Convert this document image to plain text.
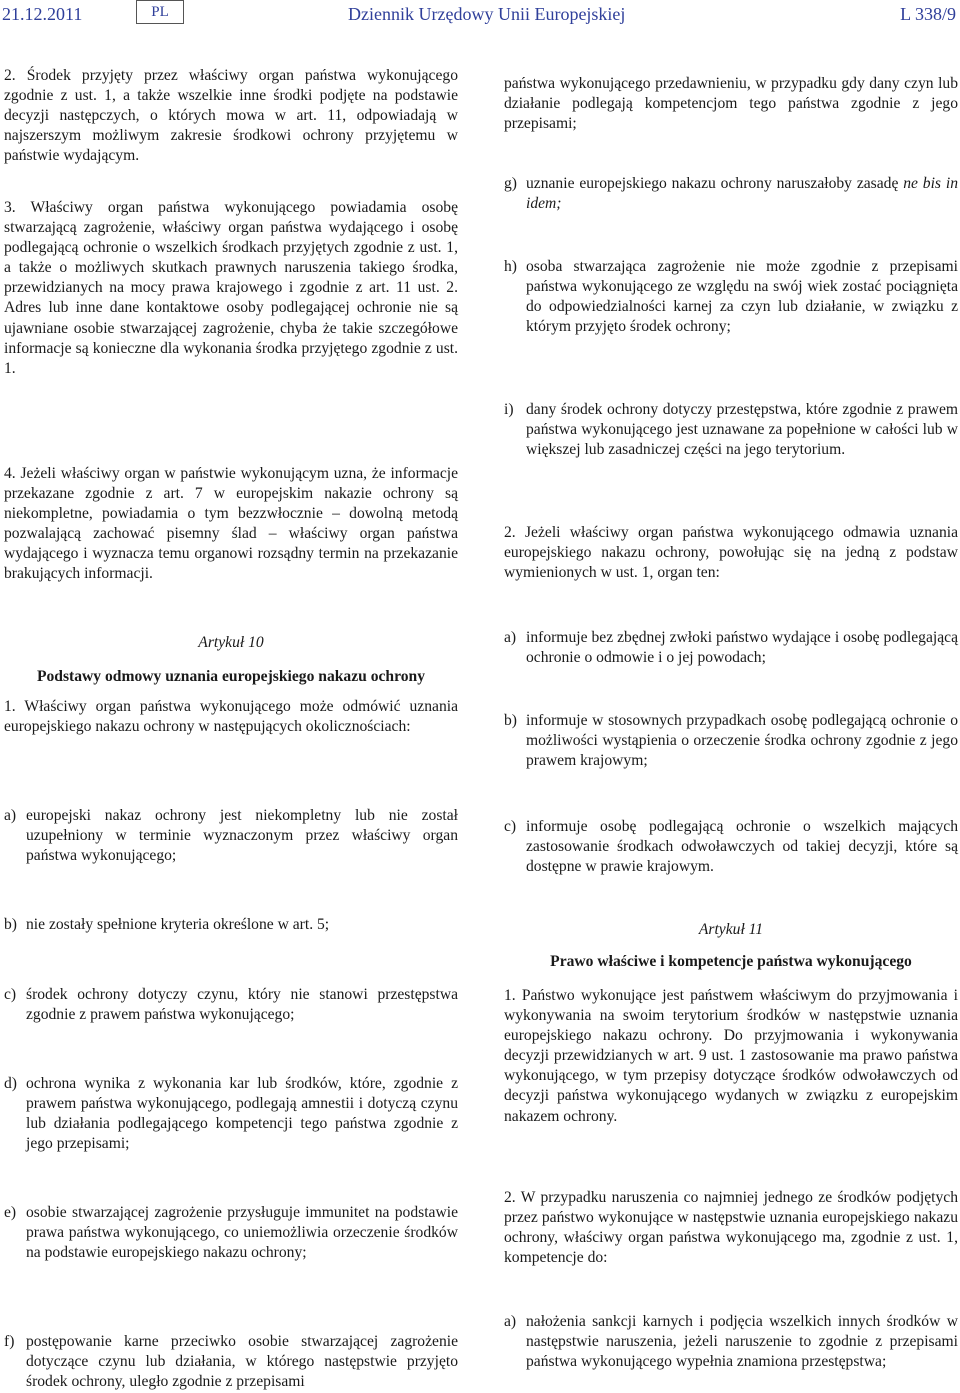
21.12.2011	PL	Dziennik Urzędowy Unii Europejskiej	L 338/9

2. Środek przyjęty przez właściwy organ państwa wykonującego zgodnie z ust. 1, a także wszelkie inne środki podjęte na podstawie decyzji następczych, o których mowa w art. 11, odpowiadają w najszerszym możliwym zakresie środkowi ochrony przyjętemu w państwie wydającym.

3. Właściwy organ państwa wykonującego powiadamia osobę stwarzającą zagrożenie, właściwy organ państwa wydającego i osobę podlegającą ochronie o wszelkich środkach przyjętych zgodnie z ust. 1, a także o możliwych skutkach prawnych naruszenia takiego środka, przewidzianych na mocy prawa krajowego i zgodnie z art. 11 ust. 2. Adres lub inne dane kontaktowe osoby podlegającej ochronie nie są ujawniane osobie stwarzającej zagrożenie, chyba że takie szczegółowe informacje są konieczne dla wykonania środka przyjętego zgodnie z ust. 1.

4. Jeżeli właściwy organ w państwie wykonującym uzna, że informacje przekazane zgodnie z art. 7 w europejskim nakazie ochrony są niekompletne, powiadamia o tym bezzwłocznie – dowolną metodą pozwalającą zachować pisemny ślad – właściwy organ państwa wydającego i wyznacza temu organowi rozsądny termin na przekazanie brakujących informacji.

Artykuł 10

Podstawy odmowy uznania europejskiego nakazu ochrony

1. Właściwy organ państwa wykonującego może odmówić uznania europejskiego nakazu ochrony w następujących okolicznościach:

a) europejski nakaz ochrony jest niekompletny lub nie został uzupełniony w terminie wyznaczonym przez właściwy organ państwa wykonującego;
b) nie zostały spełnione kryteria określone w art. 5;
c) środek ochrony dotyczy czynu, który nie stanowi przestępstwa zgodnie z prawem państwa wykonującego;
d) ochrona wynika z wykonania kar lub środków, które, zgodnie z prawem państwa wykonującego, podlegają amnestii i dotyczą czynu lub działania podlegającego kompetencji tego państwa zgodnie z jego przepisami;
e) osobie stwarzającej zagrożenie przysługuje immunitet na podstawie prawa państwa wykonującego, co uniemożliwia orzeczenie środków na podstawie europejskiego nakazu ochrony;
f) postępowanie karne przeciwko osobie stwarzającej zagrożenie dotyczące czynu lub działania, w którego następstwie przyjęto środek ochrony, uległo zgodnie z przepisami

państwa wykonującego przedawnieniu, w przypadku gdy dany czyn lub działanie podlegają kompetencjom tego państwa zgodnie z jego przepisami;

g) uznanie europejskiego nakazu ochrony naruszałoby zasadę ne bis in idem;
h) osoba stwarzająca zagrożenie nie może zgodnie z przepisami państwa wykonującego ze względu na swój wiek zostać pociągnięta do odpowiedzialności karnej za czyn lub działanie, w związku z którym przyjęto środek ochrony;
i) dany środek ochrony dotyczy przestępstwa, które zgodnie z prawem państwa wykonującego jest uznawane za popełnione w całości lub w większej lub zasadniczej części na jego terytorium.

2. Jeżeli właściwy organ państwa wykonującego odmawia uznania europejskiego nakazu ochrony, powołując się na jedną z podstaw wymienionych w ust. 1, organ ten:

a) informuje bez zbędnej zwłoki państwo wydające i osobę podlegającą ochronie o odmowie i o jej powodach;
b) informuje w stosownych przypadkach osobę podlegającą ochronie o możliwości wystąpienia o orzeczenie środka ochrony zgodnie z jego prawem krajowym;
c) informuje osobę podlegającą ochronie o wszelkich mających zastosowanie środkach odwoławczych od takiej decyzji, które są dostępne w prawie krajowym.

Artykuł 11

Prawo właściwe i kompetencje państwa wykonującego

1. Państwo wykonujące jest państwem właściwym do przyjmowania i wykonywania na swoim terytorium środków w następstwie uznania europejskiego nakazu ochrony. Do przyjmowania i wykonywania decyzji przewidzianych w art. 9 ust. 1 zastosowanie ma prawo państwa wykonującego, w tym przepisy dotyczące środków odwoławczych od decyzji państwa wykonującego wydanych w związku z europejskim nakazem ochrony.

2. W przypadku naruszenia co najmniej jednego ze środków podjętych przez państwo wykonujące w następstwie uznania europejskiego nakazu ochrony, właściwy organ państwa wykonującego ma, zgodnie z ust. 1, kompetencje do:

a) nałożenia sankcji karnych i podjęcia wszelkich innych środków w następstwie naruszenia, jeżeli naruszenie to zgodnie z przepisami państwa wykonującego wypełnia znamiona przestępstwa;
